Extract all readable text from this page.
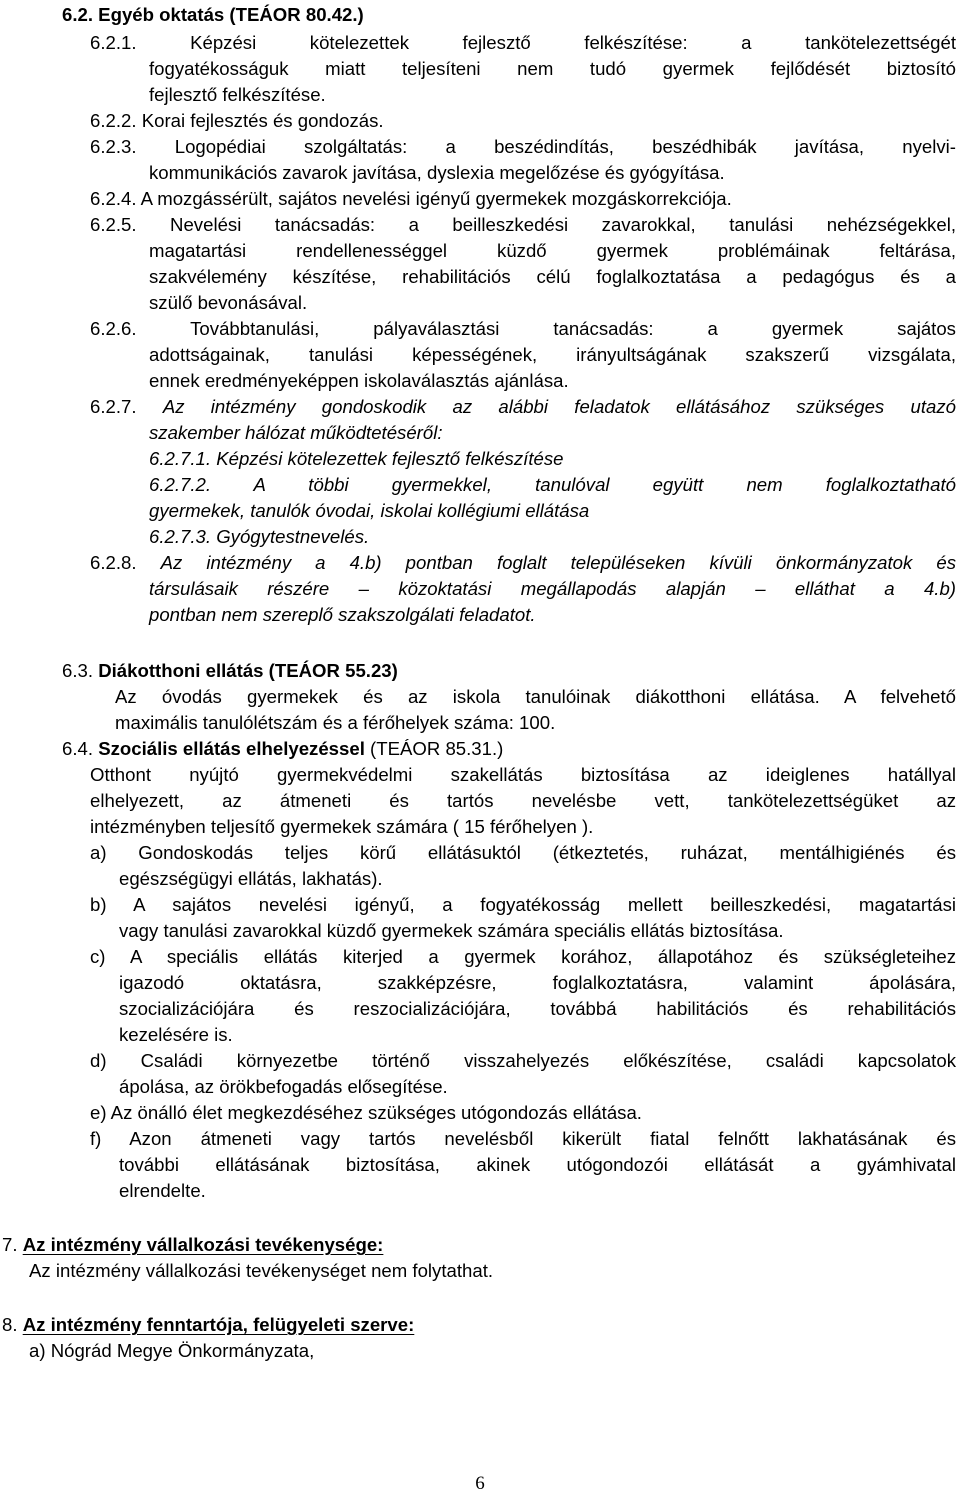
6.2. Egyéb oktatás (TEÁOR 80.42.)
6.2.1.	Képzési kötelezettek fejlesztő felkészítése: a tankötelezettségét
fogyatékosságuk miatt teljesíteni nem tudó gyermek fejlődését biztosító
fejlesztő felkészítése.
6.2.2. Korai fejlesztés és gondozás.
6.2.3. Logopédiai szolgáltatás: a beszédindítás, beszédhibák javítása, nyelvi-
kommunikációs zavarok javítása, dyslexia megelőzése és gyógyítása.
6.2.4. A mozgássérült, sajátos nevelési igényű gyermekek mozgáskorrekciója.
6.2.5. Nevelési tanácsadás: a beilleszkedési zavarokkal, tanulási nehézségekkel,
magatartási rendellenességgel küzdő gyermek problémáinak feltárása,
szakvélemény készítése, rehabilitációs célú foglalkoztatása a pedagógus és a
szülő bevonásával.
6.2.6.	Továbbtanulási, pályaválasztási tanácsadás: a gyermek sajátos
adottságainak, tanulási képességének, irányultságának szakszerű vizsgálata,
ennek eredményeképpen iskolaválasztás ajánlása.
6.2.7. Az intézmény gondoskodik az alábbi feladatok ellátásához szükséges utazó
szakember hálózat működtetéséről:
6.2.7.1. Képzési kötelezettek fejlesztő felkészítése
6.2.7.2. A többi gyermekkel, tanulóval együtt nem foglalkoztatható
gyermekek, tanulók óvodai, iskolai kollégiumi ellátása
6.2.7.3. Gyógytestnevelés.
6.2.8. Az intézmény a 4.b) pontban foglalt településeken kívüli önkormányzatok és
társulásaik részére – közoktatási megállapodás alapján – elláthat a 4.b)
pontban nem szereplő szakszolgálati feladatot.
6.3. Diákotthoni ellátás (TEÁOR 55.23)
Az óvodás gyermekek és az iskola tanulóinak diákotthoni ellátása. A felvehető
maximális tanulólétszám és a férőhelyek száma: 100.
6.4. Szociális ellátás elhelyezéssel (TEÁOR 85.31.)
Otthont nyújtó gyermekvédelmi szakellátás biztosítása az ideiglenes hatállyal
elhelyezett, az átmeneti és tartós nevelésbe vett, tankötelezettségüket az
intézményben teljesítő gyermekek számára ( 15 férőhelyen ).
a) Gondoskodás teljes körű ellátásuktól (étkeztetés, ruházat, mentálhigiénés és
egészségügyi ellátás, lakhatás).
b) A sajátos nevelési igényű, a fogyatékosság mellett beilleszkedési, magatartási
vagy tanulási zavarokkal küzdő gyermekek számára speciális ellátás biztosítása.
c) A speciális ellátás kiterjed a gyermek korához, állapotához és szükségleteihez
igazodó oktatásra, szakképzésre, foglalkoztatásra, valamint ápolására,
szocializációjára és reszocializációjára, továbbá habilitációs és rehabilitációs
kezelésére is.
d) Családi környezetbe történő visszahelyezés előkészítése, családi kapcsolatok
ápolása, az örökbefogadás elősegítése.
e) Az önálló élet megkezdéséhez szükséges utógondozás ellátása.
f) Azon átmeneti vagy tartós nevelésből kikerült fiatal felnőtt lakhatásának és
további ellátásának biztosítása, akinek utógondozói ellátását a gyámhivatal
elrendelte.
7. Az intézmény vállalkozási tevékenysége:
Az intézmény vállalkozási tevékenységet nem folytathat.
8. Az intézmény fenntartója, felügyeleti szerve:
a) Nógrád Megye Önkormányzata,
6
